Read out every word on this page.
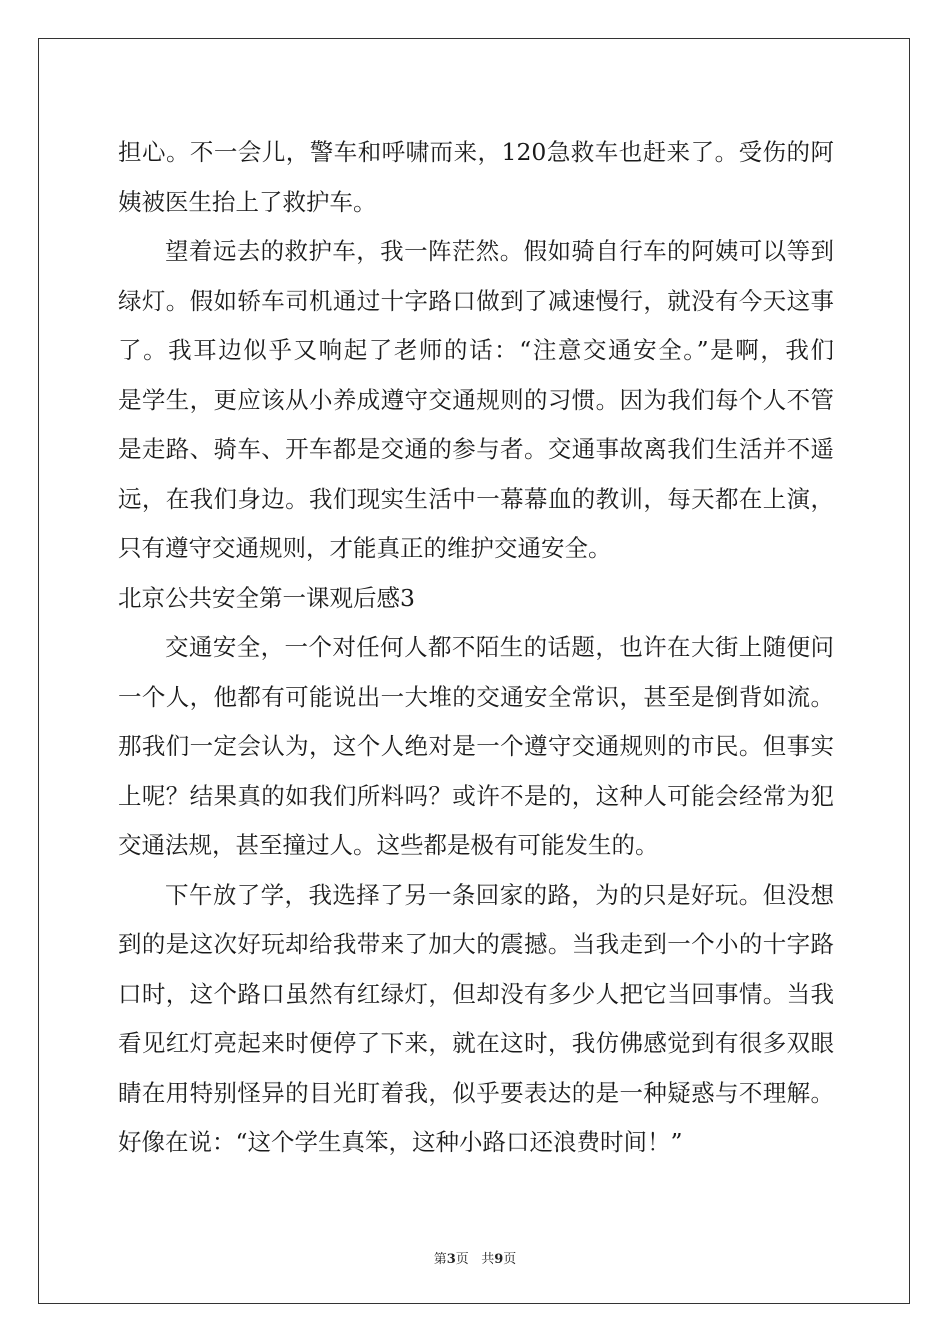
担心。不一会儿，警车和呼啸而来，120急救车也赶来了。受伤的阿
姨被医生抬上了救护车。
望着远去的救护车，我一阵茫然。假如骑自行车的阿姨可以等到
绿灯。假如轿车司机通过十字路口做到了减速慢行，就没有今天这事
了。我耳边似乎又响起了老师的话：“注意交通安全。”是啊，我们
是学生，更应该从小养成遵守交通规则的习惯。因为我们每个人不管
是走路、骑车、开车都是交通的参与者。交通事故离我们生活并不遥
远，在我们身边。我们现实生活中一幕幕血的教训，每天都在上演，
只有遵守交通规则，才能真正的维护交通安全。
北京公共安全第一课观后感3
交通安全，一个对任何人都不陌生的话题，也许在大街上随便问
一个人，他都有可能说出一大堆的交通安全常识，甚至是倒背如流。
那我们一定会认为，这个人绝对是一个遵守交通规则的市民。但事实
上呢？结果真的如我们所料吗？或许不是的，这种人可能会经常为犯
交通法规，甚至撞过人。这些都是极有可能发生的。
下午放了学，我选择了另一条回家的路，为的只是好玩。但没想
到的是这次好玩却给我带来了加大的震撼。当我走到一个小的十字路
口时，这个路口虽然有红绿灯，但却没有多少人把它当回事情。当我
看见红灯亮起来时便停了下来，就在这时，我仿佛感觉到有很多双眼
睛在用特别怪异的目光盯着我，似乎要表达的是一种疑惑与不理解。
好像在说：“这个学生真笨，这种小路口还浪费时间！”
第3页   共9页
